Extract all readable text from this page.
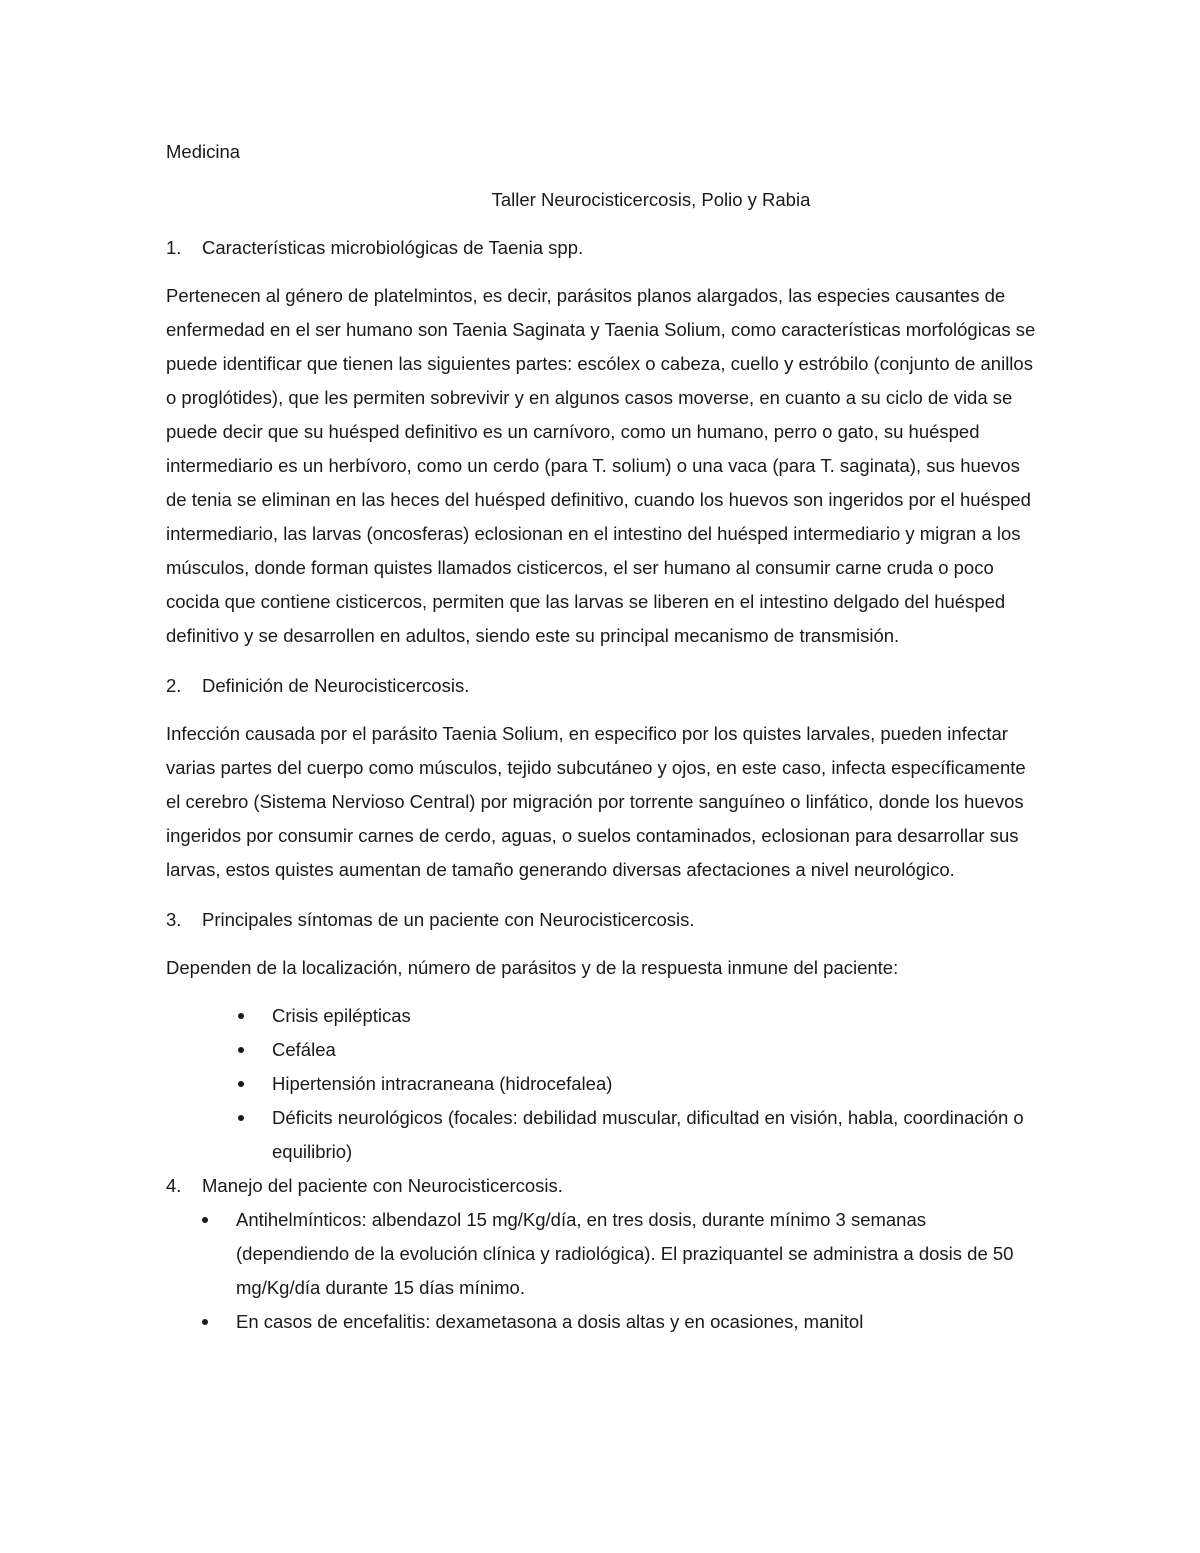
Medicina

Taller Neurocisticercosis, Polio y Rabia

1.	Características microbiológicas de Taenia spp.

Pertenecen al género de platelmintos, es decir, parásitos planos alargados, las especies causantes de enfermedad en el ser humano son Taenia Saginata y Taenia Solium, como características morfológicas se puede identificar que tienen las siguientes partes: escólex o cabeza, cuello y estróbilo (conjunto de anillos o proglótides), que les permiten sobrevivir y en algunos casos moverse, en cuanto a su ciclo de vida se puede decir que su huésped definitivo es un carnívoro, como un humano, perro o gato, su huésped intermediario es un herbívoro, como un cerdo (para T. solium) o una vaca (para T. saginata), sus huevos de tenia se eliminan en las heces del huésped definitivo, cuando los huevos son ingeridos por el huésped intermediario, las larvas (oncosferas) eclosionan en el intestino del huésped intermediario y migran a los músculos, donde forman quistes llamados cisticercos, el ser humano al consumir carne cruda o poco cocida que contiene cisticercos, permiten que las larvas se liberen en el intestino delgado del huésped definitivo y se desarrollen en adultos, siendo este su principal mecanismo de transmisión.

2.	Definición de Neurocisticercosis.

Infección causada por el parásito Taenia Solium, en especifico por los quistes larvales, pueden infectar varias partes del cuerpo como músculos, tejido subcutáneo y ojos, en este caso, infecta específicamente el cerebro (Sistema Nervioso Central) por migración por torrente sanguíneo o linfático, donde los huevos ingeridos por consumir carnes de cerdo, aguas, o suelos contaminados, eclosionan para desarrollar sus larvas, estos quistes aumentan de tamaño generando diversas afectaciones a nivel neurológico.

3.	Principales síntomas de un paciente con Neurocisticercosis.

Dependen de la localización, número de parásitos y de la respuesta inmune del paciente:

Crisis epilépticas
Cefálea
Hipertensión intracraneana (hidrocefalea)
Déficits neurológicos (focales: debilidad muscular, dificultad en visión, habla, coordinación o equilibrio)
4.	Manejo del paciente con Neurocisticercosis.
Antihelmínticos: albendazol 15 mg/Kg/día, en tres dosis, durante mínimo 3 semanas (dependiendo de la evolución clínica y radiológica). El praziquantel se administra a dosis de 50 mg/Kg/día durante 15 días mínimo.
En casos de encefalitis: dexametasona a dosis altas y en ocasiones, manitol
